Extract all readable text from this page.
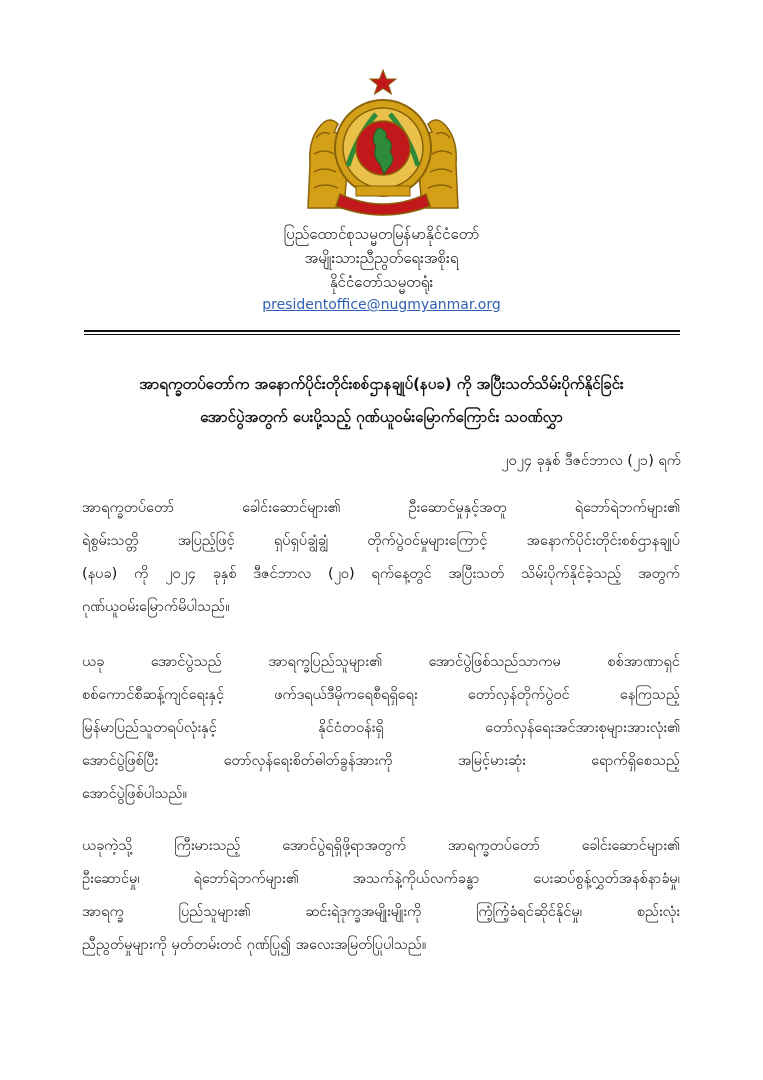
ပြည်ထောင်စုသမ္မတမြန်မာနိုင်ငံတော်
အမျိုးသားညီညွတ်ရေးအစိုးရ
နိုင်ငံတော်သမ္မတရုံး
presidentoffice@nugmyanmar.org
အာရက္ခတပ်တော်က အနောက်ပိုင်းတိုင်းစစ်ဌာနချုပ်(နပခ) ကို အပြီးသတ်သိမ်းပိုက်နိုင်ခြင်း
အောင်ပွဲအတွက် ပေးပို့သည့် ဂုဏ်ယူဝမ်းမြောက်ကြောင်း သဝဏ်လွှာ
၂၀၂၄ ခုနှစ် ဒီဇင်ဘာလ (၂၁) ရက်
အာရက္ခတပ်တော်	ခေါင်းဆောင်များ၏	ဦးဆောင်မှုနှင့်အတူ	ရဲဘော်ရဲဘက်များ၏
ရဲစွမ်းသတ္တိ	အပြည့်ဖြင့်	ရှပ်ရှပ်ချွံချွံ	တိုက်ပွဲဝင်မှုများကြောင့်	အနောက်ပိုင်းတိုင်းစစ်ဌာနချုပ်
(နပခ) ကို ၂၀၂၄ ခုနှစ် ဒီဇင်ဘာလ (၂၀) ရက်နေ့တွင် အပြီးသတ် သိမ်းပိုက်နိုင်ခဲ့သည့် အတွက်
ဂုဏ်ယူဝမ်းမြောက်မိပါသည်။
ယခု	အောင်ပွဲသည်	အာရက္ခပြည်သူများ၏	အောင်ပွဲဖြစ်သည်သာကမ	စစ်အာဏာရှင်
စစ်ကောင်စီဆန့်ကျင်ရေးနှင့်	ဖက်ဒရယ်ဒီမိုကရေစီရရှိရေး	တော်လှန်တိုက်ပွဲဝင်	နေကြသည့်
မြန်မာပြည်သူတရပ်လုံးနှင့်	နိုင်ငံတဝန်းရှိ	တော်လှန်ရေးအင်အားစုများအားလုံး၏
အောင်ပွဲဖြစ်ပြီး	တော်လှန်ရေးစိတ်ဓါတ်ခွန်အားကို	အမြင့်မားဆုံး	ရောက်ရှိစေသည့်
အောင်ပွဲဖြစ်ပါသည်။
ယခုကဲ့သို့	ကြီးမားသည့်	အောင်ပွဲရရှိဖို့ရာအတွက်	အာရက္ခတပ်တော်	ခေါင်းဆောင်များ၏
ဦးဆောင်မှု၊	ရဲဘော်ရဲဘက်များ၏	အသက်နဲ့ကိုယ်လက်ခန္ဓာ	ပေးဆပ်စွန့်လွှတ်အနစ်နာခံမှု၊
အာရက္ခ	ပြည်သူများ၏	ဆင်းရဲဒုက္ခအမျိုးမျိုးကို	ကြံ့ကြံ့ခံရင်ဆိုင်နိုင်မှု၊	စည်းလုံး
ညီညွတ်မှုများကို မှတ်တမ်းတင် ဂုဏ်ပြု၍ အလေးအမြတ်ပြုပါသည်။
